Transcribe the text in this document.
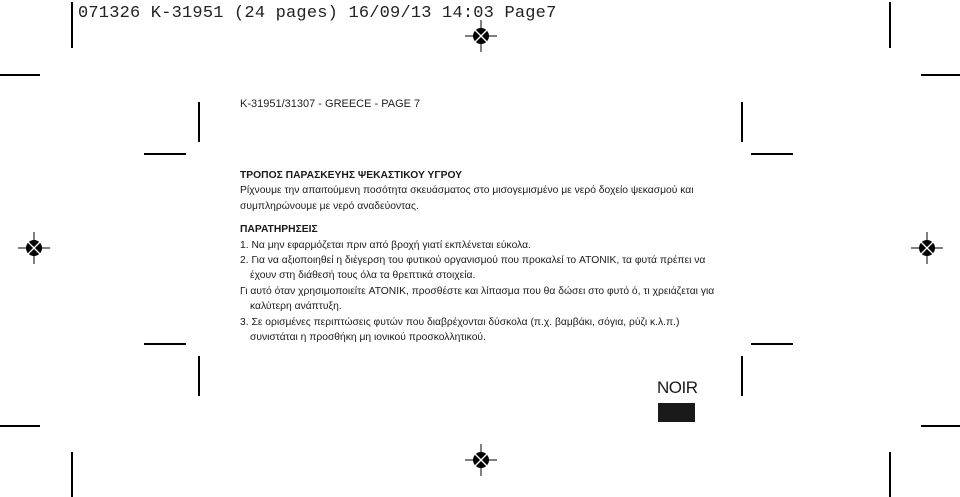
071326 K-31951 (24 pages) 16/09/13 14:03 Page7
K-31951/31307 - GREECE - PAGE 7
ΤΡΟΠΟΣ ΠΑΡΑΣΚΕΥΗΣ ΨΕΚΑΣΤΙΚΟΥ ΥΓΡΟΥ
Ρίχνουμε την απαιτούμενη ποσότητα σκευάσματος στο μισογεμισμένο με νερό δοχείο ψεκασμού και συμπληρώνουμε με νερό αναδεύοντας.
ΠΑΡΑΤΗΡΗΣΕΙΣ
1. Να μην εφαρμόζεται πριν από βροχή γιατί εκπλένεται εύκολα.
2. Για να αξιοποιηθεί η διέγερση του φυτικού οργανισμού που προκαλεί το ATONIK, τα φυτά πρέπει να έχουν στη διάθεσή τους όλα τα θρεπτικά στοιχεία.
Γι αυτό όταν χρησιμοποιείτε ATONIK, προσθέστε και λίπασμα που θα δώσει στο φυτό ό, τι χρειάζεται για καλύτερη ανάπτυξη.
3. Σε ορισμένες περιπτώσεις φυτών που διαβρέχονται δύσκολα (π.χ. βαμβάκι, σόγια, ρύζι κ.λ.π.) συνιστάται η προσθήκη μη ιονικού προσκολλητικού.
NOIR
